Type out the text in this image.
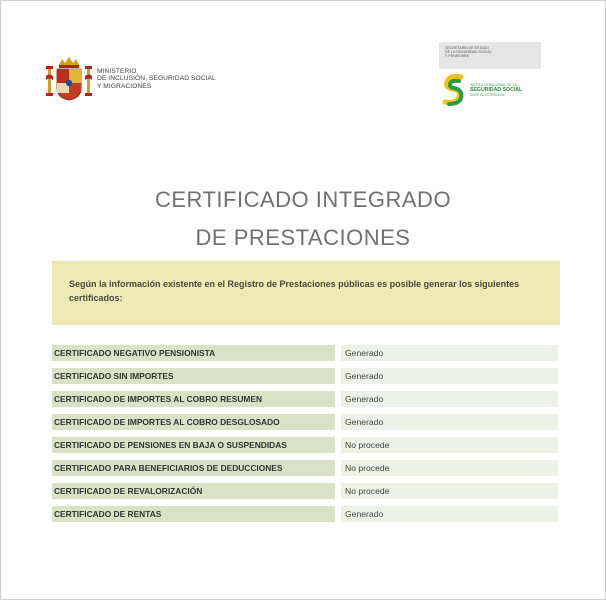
MINISTERIO
DE INCLUSIÓN, SEGURIDAD SOCIAL
Y MIGRACIONES
SECRETARÍA DE ESTADO
DE LA SEGURIDAD SOCIAL
Y PENSIONES
INSTITUTO NACIONAL DE LA
SEGURIDAD SOCIAL
SEDE ELECTRÓNICA
CERTIFICADO INTEGRADO
DE PRESTACIONES
Según la información existente en el Registro de Prestaciones públicas es posible generar los siguientes certificados:
CERTIFICADO NEGATIVO PENSIONISTA	Generado
CERTIFICADO SIN IMPORTES	Generado
CERTIFICADO DE IMPORTES AL COBRO RESUMEN	Generado
CERTIFICADO DE IMPORTES AL COBRO DESGLOSADO	Generado
CERTIFICADO DE PENSIONES EN BAJA O SUSPENDIDAS	No procede
CERTIFICADO PARA BENEFICIARIOS DE DEDUCCIONES	No procede
CERTIFICADO DE REVALORIZACIÓN	No procede
CERTIFICADO DE RENTAS	Generado
